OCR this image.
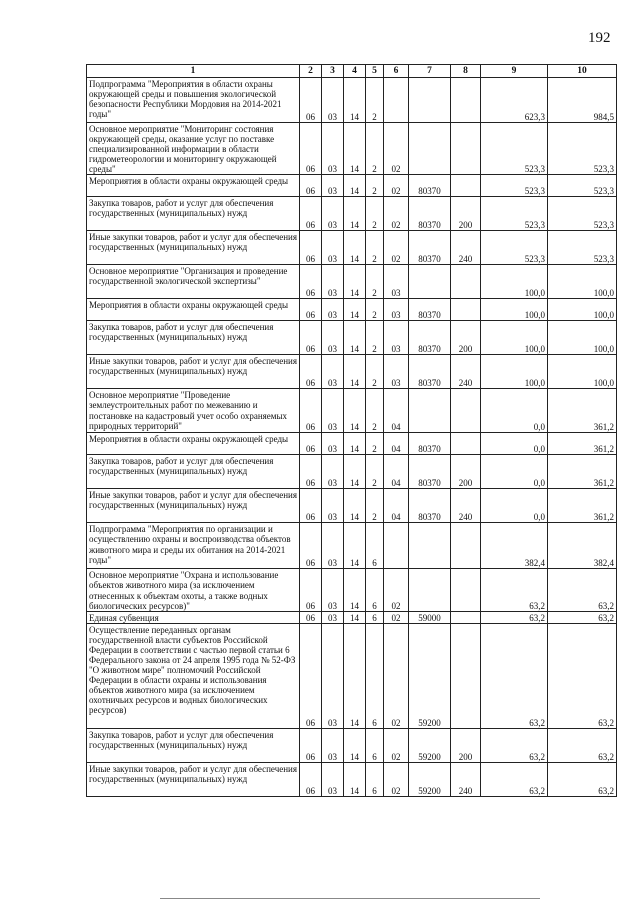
192
1	2	3	4	5	6	7	8	9	10
Подпрограмма "Мероприятия в области охраны окружающей среды и повышения экологической безопасности Республики Мордовия на 2014-2021 годы"	06	03	14	2				623,3	984,5
Основное мероприятие "Мониторинг состояния окружающей среды, оказание услуг по поставке специализированной информации в области гидрометеорологии и мониторингу окружающей среды"	06	03	14	2	02			523,3	523,3
Мероприятия в области охраны окружающей среды	06	03	14	2	02	80370		523,3	523,3
Закупка товаров, работ и услуг для обеспечения государственных (муниципальных) нужд	06	03	14	2	02	80370	200	523,3	523,3
Иные закупки товаров, работ и услуг для обеспечения государственных (муниципальных) нужд	06	03	14	2	02	80370	240	523,3	523,3
Основное мероприятие "Организация и проведение государственной экологической экспертизы"	06	03	14	2	03			100,0	100,0
Мероприятия в области охраны окружающей среды	06	03	14	2	03	80370		100,0	100,0
Закупка товаров, работ и услуг для обеспечения государственных (муниципальных) нужд	06	03	14	2	03	80370	200	100,0	100,0
Иные закупки товаров, работ и услуг для обеспечения государственных (муниципальных) нужд	06	03	14	2	03	80370	240	100,0	100,0
Основное мероприятие "Проведение землеустроительных работ по межеванию и постановке на кадастровый учет особо охраняемых природных территорий"	06	03	14	2	04			0,0	361,2
Мероприятия в области охраны окружающей среды	06	03	14	2	04	80370		0,0	361,2
Закупка товаров, работ и услуг для обеспечения государственных (муниципальных) нужд	06	03	14	2	04	80370	200	0,0	361,2
Иные закупки товаров, работ и услуг для обеспечения государственных (муниципальных) нужд	06	03	14	2	04	80370	240	0,0	361,2
Подпрограмма "Мероприятия по организации и осуществлению охраны и воспроизводства объектов животного мира и среды их обитания на 2014-2021 годы"	06	03	14	6				382,4	382,4
Основное мероприятие "Охрана и использование объектов животного мира (за исключением отнесенных к объектам охоты, а также водных биологических ресурсов)"	06	03	14	6	02			63,2	63,2
Единая субвенция	06	03	14	6	02	59000		63,2	63,2
Осуществление переданных органам государственной власти субъектов Российской Федерации в соответствии с частью первой статьи 6 Федерального закона от 24 апреля 1995 года № 52-ФЗ "О животном мире" полномочий Российской Федерации в области охраны и использования объектов животного мира (за исключением охотничьих ресурсов и водных биологических ресурсов)	06	03	14	6	02	59200		63,2	63,2
Закупка товаров, работ и услуг для обеспечения государственных (муниципальных) нужд	06	03	14	6	02	59200	200	63,2	63,2
Иные закупки товаров, работ и услуг для обеспечения государственных (муниципальных) нужд	06	03	14	6	02	59200	240	63,2	63,2
